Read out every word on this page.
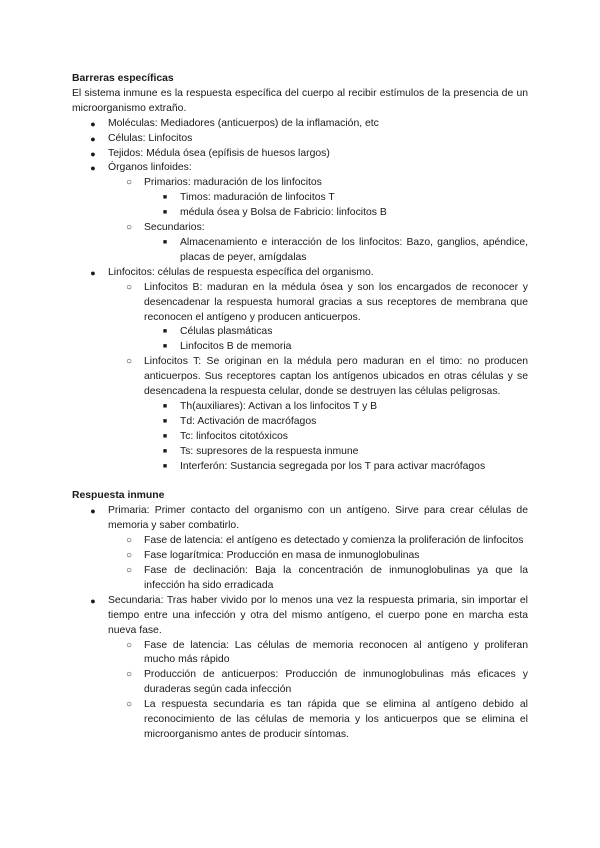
Barreras específicas

El sistema inmune es la respuesta específica del cuerpo al recibir estímulos de la presencia de un microorganismo extraño.

●	Moléculas: Mediadores (anticuerpos) de la inflamación, etc
●	Células: Linfocitos
●	Tejidos: Médula ósea (epífisis de huesos largos)
●	Órganos linfoides:
○ Primarios: maduración de los linfocitos
■	Timos: maduración de linfocitos T
■	médula ósea y Bolsa de Fabricio: linfocitos B
○ Secundarios:
■	Almacenamiento e interacción de los linfocitos: Bazo, ganglios, apéndice, placas de peyer, amígdalas
●	Linfocitos: células de respuesta específica del organismo.
○ Linfocitos B: maduran en la médula ósea y son los encargados de reconocer y desencadenar la respuesta humoral gracias a sus receptores de membrana que reconocen el antígeno y producen anticuerpos.
■	Células plasmáticas
■	Linfocitos B de memoria
○ Linfocitos T: Se originan en la médula pero maduran en el timo: no producen anticuerpos. Sus receptores captan los antígenos ubicados en otras células y se desencadena la respuesta celular, donde se destruyen las células peligrosas.
■	Th(auxiliares): Activan a los linfocitos T y B
■	Td: Activación de macrófagos
■	Tc: linfocitos citotóxicos
■	Ts: supresores de la respuesta inmune
■	Interferón: Sustancia segregada por los T para activar macrófagos

Respuesta inmune

●	Primaria: Primer contacto del organismo con un antígeno. Sirve para crear células de memoria y saber combatirlo.
○ Fase de latencia: el antígeno es detectado y comienza la proliferación de linfocitos
○ Fase logarítmica: Producción en masa de inmunoglobulinas
○ Fase de declinación: Baja la concentración de inmunoglobulinas ya que la infección ha sido erradicada
●	Secundaria: Tras haber vivido por lo menos una vez la respuesta primaria, sin importar el tiempo entre una infección y otra del mismo antígeno, el cuerpo pone en marcha esta nueva fase.
○ Fase de latencia: Las células de memoria reconocen al antígeno y proliferan mucho más rápido
○ Producción de anticuerpos: Producción de inmunoglobulinas más eficaces y duraderas según cada infección
○ La respuesta secundaria es tan rápida que se elimina al antígeno debido al reconocimiento de las células de memoria y los anticuerpos que se elimina el microorganismo antes de producir síntomas.
